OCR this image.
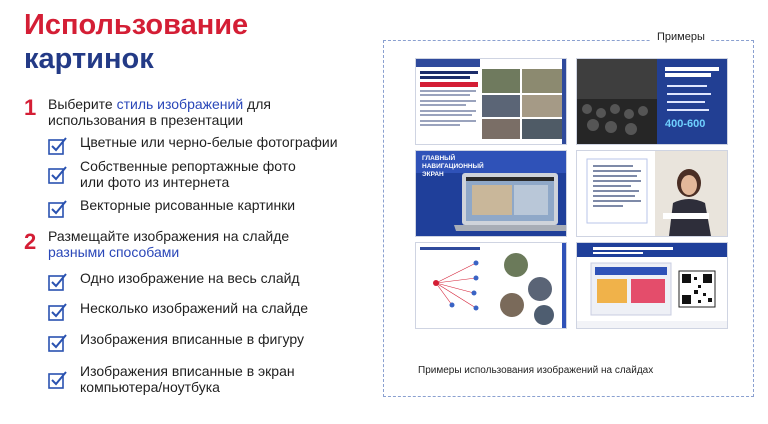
Использование
картинок
1 Выберите стиль изображений для
использования в презентации
Цветные или черно-белые фотографии
Собственные репортажные фото
или фото из интернета
Векторные рисованные картинки
2 Размещайте изображения на слайде
разными способами
Одно изображение на весь слайд
Несколько изображений на слайде
Изображения вписанные в фигуру
Изображения вписанные в экран
компьютера/ноутбука
Примеры
400-600
ГЛАВНЫЙ НАВИГАЦИОННЫЙ ЭКРАН
Примеры использования изображений на слайдах
